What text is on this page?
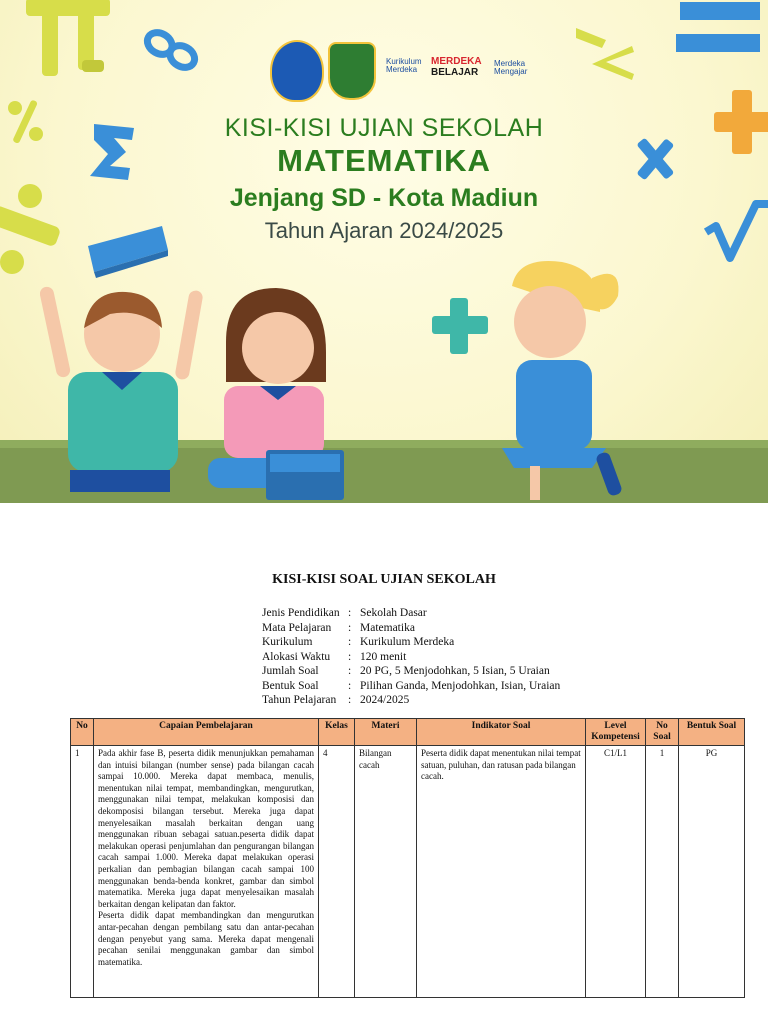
Kurikulum Merdeka
MERDEKA
BELAJAR
Merdeka Mengajar
KISI-KISI UJIAN SEKOLAH
MATEMATIKA
Jenjang SD - Kota Madiun
Tahun Ajaran 2024/2025
KISI-KISI SOAL UJIAN SEKOLAH
Jenis Pendidikan : Sekolah Dasar
Mata Pelajaran : Matematika
Kurikulum	: Kurikulum Merdeka
Alokasi Waktu : 120 menit
Jumlah Soal	: 20 PG, 5 Menjodohkan, 5 Isian, 5 Uraian
Bentuk Soal	: Pilihan Ganda, Menjodohkan, Isian, Uraian
Tahun Pelajaran : 2024/2025
No	Capaian Pembelajaran	Kelas	Materi	Indikator Soal	Level Kompetensi	No Soal	Bentuk Soal
1	Pada akhir fase B, peserta didik menunjukkan pemahaman dan intuisi bilangan (number sense) pada bilangan cacah sampai 10.000. Mereka dapat membaca, menulis, menentukan nilai tempat, membandingkan, mengurutkan, menggunakan nilai tempat, melakukan komposisi dan dekomposisi bilangan tersebut. Mereka juga dapat menyelesaikan masalah berkaitan dengan uang menggunakan ribuan sebagai satuan.peserta didik dapat melakukan operasi penjumlahan dan pengurangan bilangan cacah sampai 1.000. Mereka dapat melakukan operasi perkalian dan pembagian bilangan cacah sampai 100 menggunakan benda-benda konkret, gambar dan simbol matematika. Mereka juga dapat menyelesaikan masalah berkaitan dengan kelipatan dan faktor.
Peserta didik dapat membandingkan dan mengurutkan antar-pecahan dengan pembilang satu dan antar-pecahan dengan penyebut yang sama. Mereka dapat mengenali pecahan senilai menggunakan gambar dan simbol matematika.	4	Bilangan cacah	Peserta didik dapat menentukan nilai tempat satuan, puluhan, dan ratusan pada bilangan cacah.	C1/L1	1	PG
